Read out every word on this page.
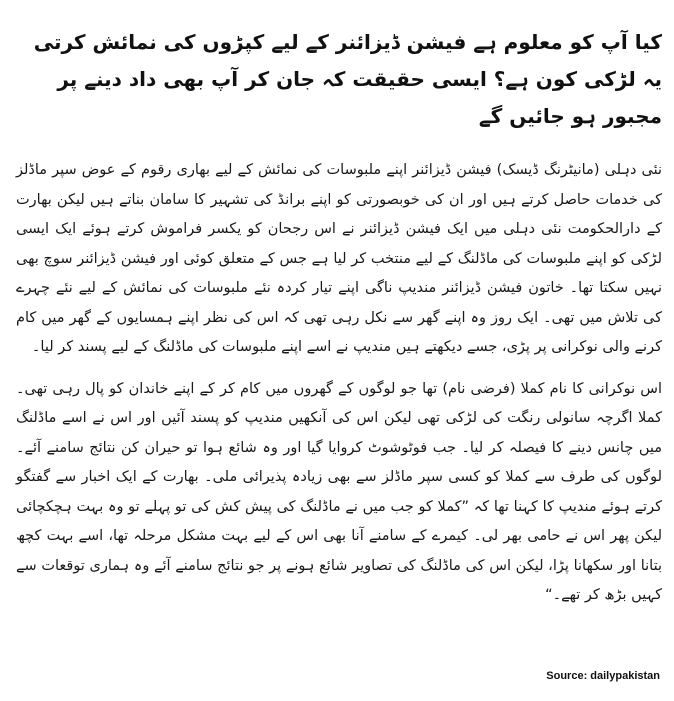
کیا آپ کو معلوم ہے فیشن ڈیزائنر کے لیے کپڑوں کی نمائش کرتی یہ لڑکی کون ہے؟ ایسی حقیقت کہ جان کر آپ بھی داد دینے پر مجبور ہو جائیں گے

نئی دہلی (مانیٹرنگ ڈیسک) فیشن ڈیزائنر اپنے ملبوسات کی نمائش کے لیے بھاری رقوم کے عوض سپر ماڈلز کی خدمات حاصل کرتے ہیں اور ان کی خوبصورتی کو اپنے برانڈ کی تشہیر کا سامان بناتے ہیں لیکن بھارت کے دارالحکومت نئی دہلی میں ایک فیشن ڈیزائنر نے اس رجحان کو یکسر فراموش کرتے ہوئے ایک ایسی لڑکی کو اپنے ملبوسات کی ماڈلنگ کے لیے منتخب کر لیا ہے جس کے متعلق کوئی اور فیشن ڈیزائنر سوچ بھی نہیں سکتا تھا۔ خاتون فیشن ڈیزائنر مندیپ ناگی اپنے تیار کردہ نئے ملبوسات کی نمائش کے لیے نئے چہرے کی تلاش میں تھی۔ ایک روز وہ اپنے گھر سے نکل رہی تھی کہ اس کی نظر اپنے ہمسایوں کے گھر میں کام کرنے والی نوکرانی پر پڑی، جسے دیکھتے ہیں مندیپ نے اسے اپنے ملبوسات کی ماڈلنگ کے لیے پسند کر لیا۔

اس نوکرانی کا نام کملا (فرضی نام) تھا جو لوگوں کے گھروں میں کام کر کے اپنے خاندان کو پال رہی تھی۔ کملا اگرچہ سانولی رنگت کی لڑکی تھی لیکن اس کی آنکھیں مندیپ کو پسند آئیں اور اس نے اسے ماڈلنگ میں چانس دینے کا فیصلہ کر لیا۔ جب فوٹوشوٹ کروایا گیا اور وہ شائع ہوا تو حیران کن نتائج سامنے آئے۔ لوگوں کی طرف سے کملا کو کسی سپر ماڈلز سے بھی زیادہ پذیرائی ملی۔ بھارت کے ایک اخبار سے گفتگو کرتے ہوئے مندیپ کا کہنا تھا کہ ”کملا کو جب میں نے ماڈلنگ کی پیش کش کی تو پہلے تو وہ بہت ہچکچائی لیکن پھر اس نے حامی بھر لی۔ کیمرے کے سامنے آنا بھی اس کے لیے بہت مشکل مرحلہ تھا، اسے بہت کچھ بتانا اور سکھانا پڑا، لیکن اس کی ماڈلنگ کی تصاویر شائع ہونے پر جو نتائج سامنے آئے وہ ہماری توقعات سے کہیں بڑھ کر تھے۔“

Source: dailypakistan
